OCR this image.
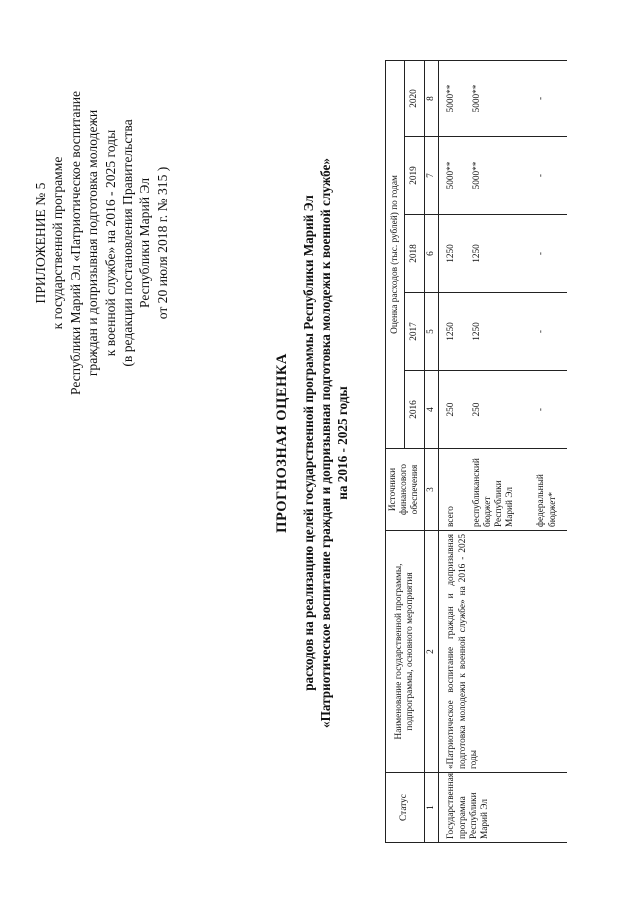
ПРИЛОЖЕНИЕ № 5 к государственной программе Республики Марий Эл «Патриотическое воспитание граждан и допризывная подготовка молодежи к военной службе» на 2016 - 2025 годы (в редакции постановления Правительства Республики Марий Эл от 20 июля 2018 г. № 315 )
ПРОГНОЗНАЯ ОЦЕНКА расходов на реализацию целей государственной программы Республики Марий Эл «Патриотическое воспитание граждан и допризывная подготовка молодежи к военной службе» на 2016 - 2025 годы
Статус	Наименование государственной программы, подпрограммы, основного мероприятия	Источники финансового обеспечения	Оценка расходов (тыс. рублей) по годам				
			2016	2017	2018	2019	2020
1	2	3	4	5	6	7	8

Государственная программа Республики Марий Эл	«Патриотическое воспитание граждан и допризывная подготовка молодежи к военной службе» на 2016 - 2025 годы	всего	250	1250	1250	5000**	5000**
		республиканский бюджет Республики Марий Эл	250	1250	1250	5000**	5000**
		федеральный бюджет*	-	-	-	-	-
